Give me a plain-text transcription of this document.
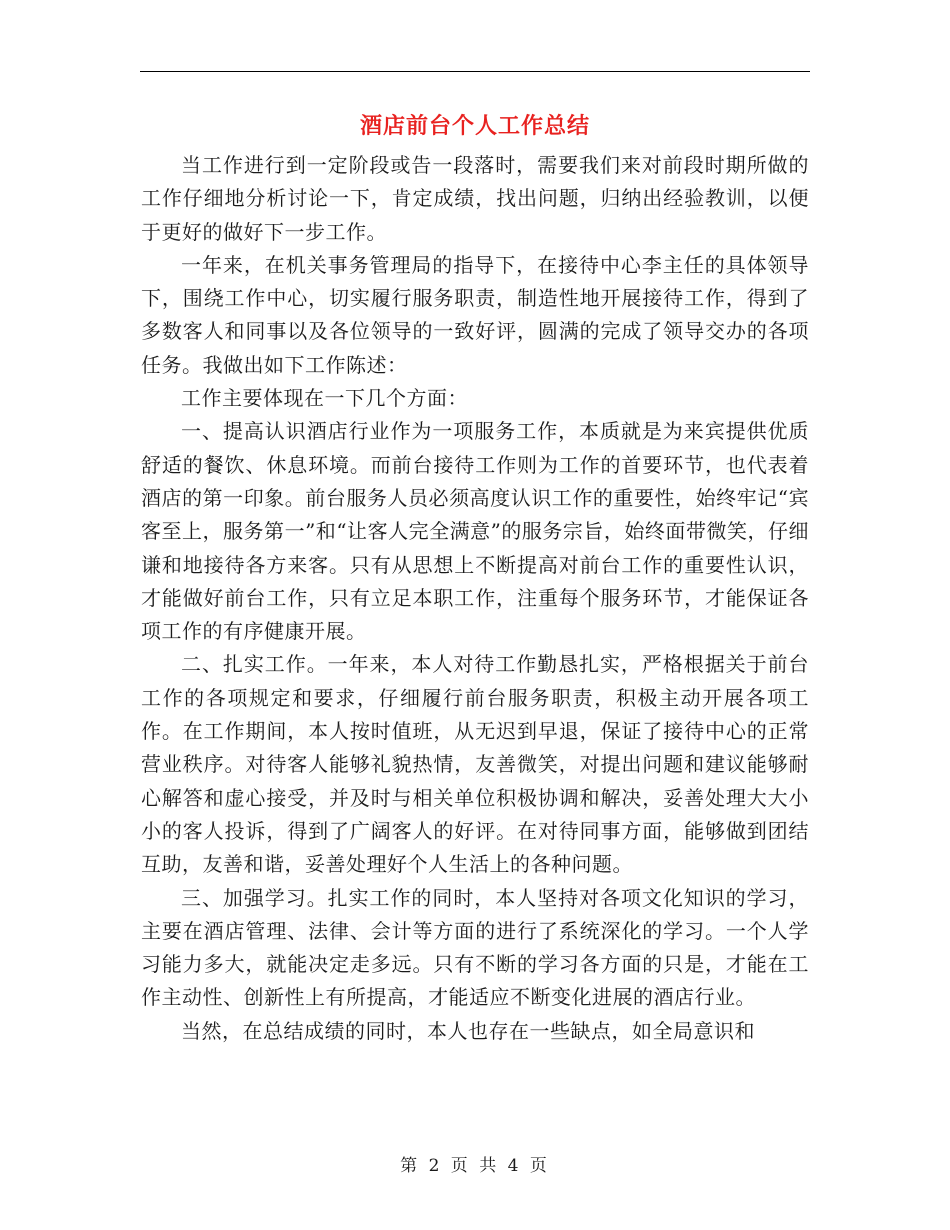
酒店前台个人工作总结

当工作进行到一定阶段或告一段落时，需要我们来对前段时期所做的工作仔细地分析讨论一下，肯定成绩，找出问题，归纳出经验教训，以便于更好的做好下一步工作。

一年来，在机关事务管理局的指导下，在接待中心李主任的具体领导下，围绕工作中心，切实履行服务职责，制造性地开展接待工作，得到了多数客人和同事以及各位领导的一致好评，圆满的完成了领导交办的各项任务。我做出如下工作陈述：

工作主要体现在一下几个方面：

一、提高认识酒店行业作为一项服务工作，本质就是为来宾提供优质舒适的餐饮、休息环境。而前台接待工作则为工作的首要环节，也代表着酒店的第一印象。前台服务人员必须高度认识工作的重要性，始终牢记“宾客至上，服务第一”和“让客人完全满意”的服务宗旨，始终面带微笑，仔细谦和地接待各方来客。只有从思想上不断提高对前台工作的重要性认识，才能做好前台工作，只有立足本职工作，注重每个服务环节，才能保证各项工作的有序健康开展。

二、扎实工作。一年来，本人对待工作勤恳扎实，严格根据关于前台工作的各项规定和要求，仔细履行前台服务职责，积极主动开展各项工作。在工作期间，本人按时值班，从无迟到早退，保证了接待中心的正常营业秩序。对待客人能够礼貌热情，友善微笑，对提出问题和建议能够耐心解答和虚心接受，并及时与相关单位积极协调和解决，妥善处理大大小小的客人投诉，得到了广阔客人的好评。在对待同事方面，能够做到团结互助，友善和谐，妥善处理好个人生活上的各种问题。

三、加强学习。扎实工作的同时，本人坚持对各项文化知识的学习，主要在酒店管理、法律、会计等方面的进行了系统深化的学习。一个人学习能力多大，就能决定走多远。只有不断的学习各方面的只是，才能在工作主动性、创新性上有所提高，才能适应不断变化进展的酒店行业。

当然，在总结成绩的同时，本人也存在一些缺点，如全局意识和

第 2 页 共 4 页
